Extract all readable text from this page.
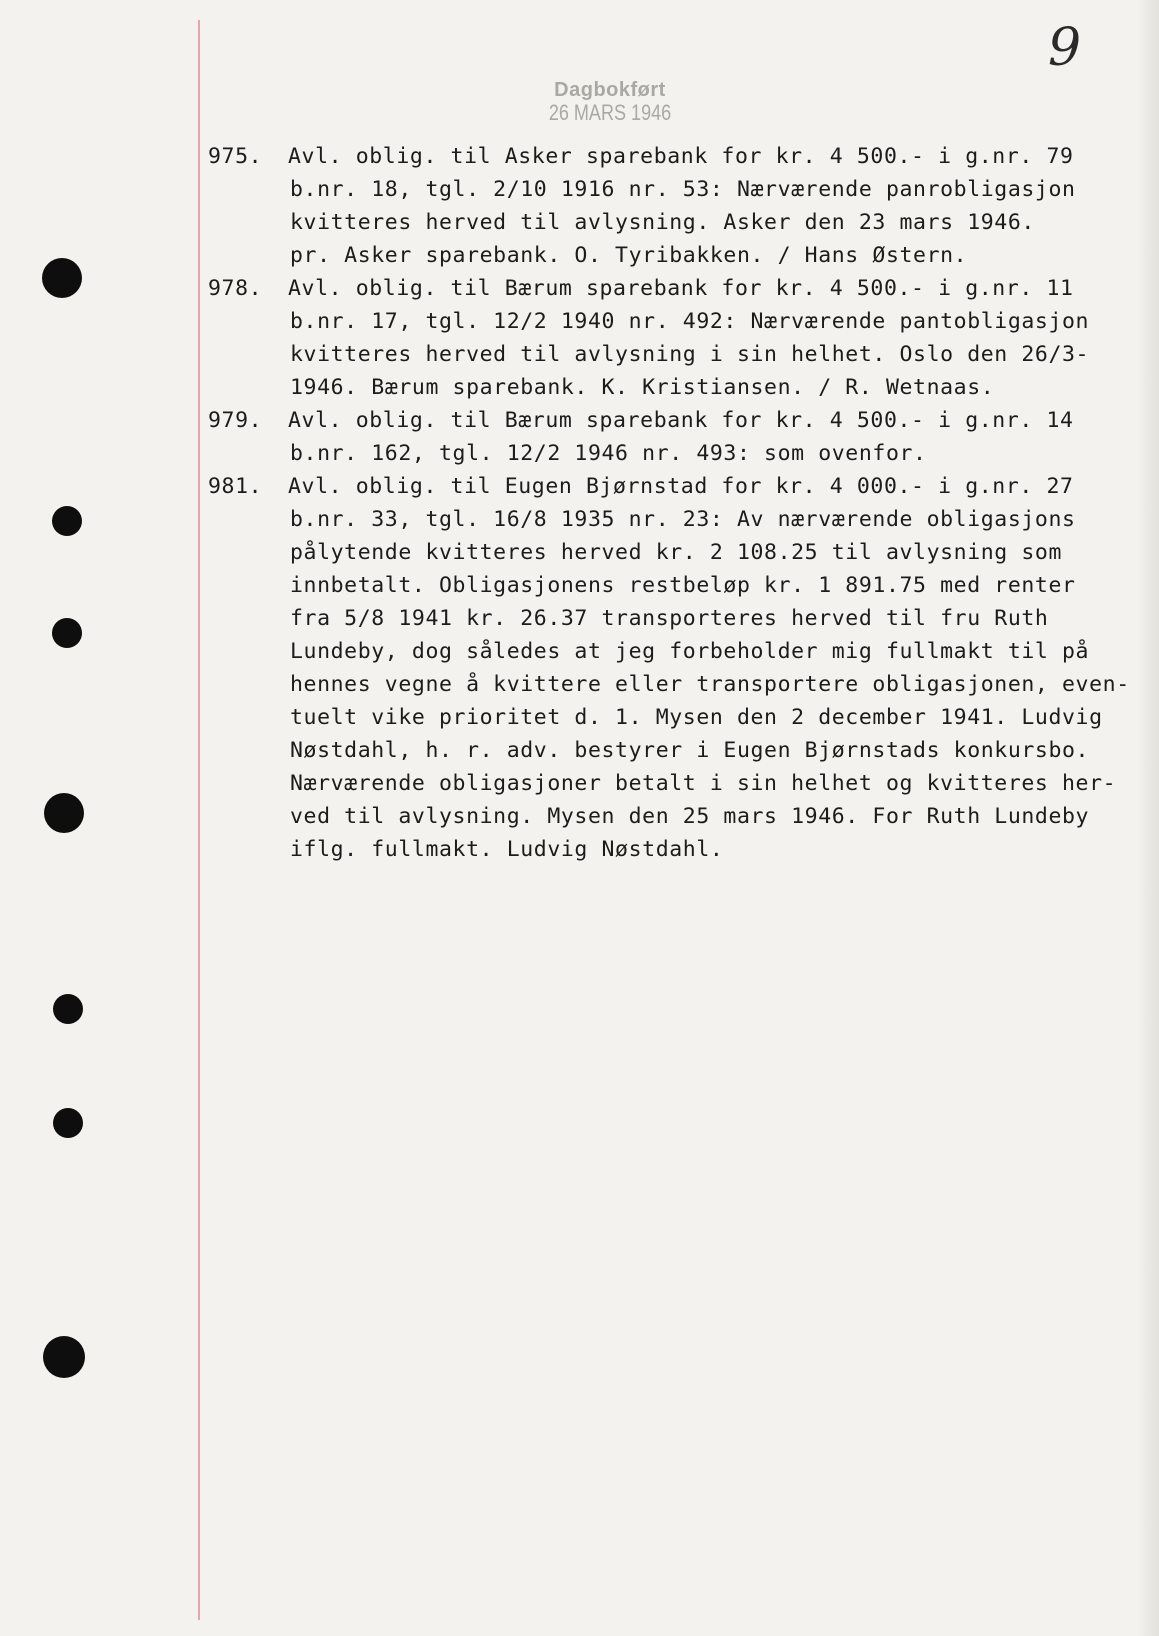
9
Dagbokført
26 MARS 1946

975.

Avl. oblig. til Asker sparebank for kr. 4 500.- i g.nr. 79

b.nr. 18, tgl. 2/10 1916 nr. 53: Nærværende panrobligasjon

kvitteres herved til avlysning. Asker den 23 mars 1946.

pr. Asker sparebank. O. Tyribakken. / Hans Østern.

978.

Avl. oblig. til Bærum sparebank for kr. 4 500.- i g.nr. 11

b.nr. 17, tgl. 12/2 1940 nr. 492: Nærværende pantobligasjon

kvitteres herved til avlysning i sin helhet. Oslo den 26/3-

1946. Bærum sparebank. K. Kristiansen. / R. Wetnaas.

979.

Avl. oblig. til Bærum sparebank for kr. 4 500.- i g.nr. 14

b.nr. 162, tgl. 12/2 1946 nr. 493: som ovenfor.

981.

Avl. oblig. til Eugen Bjørnstad for kr. 4 000.- i g.nr. 27

b.nr. 33, tgl. 16/8 1935 nr. 23: Av nærværende obligasjons

pålytende kvitteres herved kr. 2 108.25 til avlysning som

innbetalt. Obligasjonens restbeløp kr. 1 891.75 med renter

fra 5/8 1941 kr. 26.37 transporteres herved til fru Ruth

Lundeby, dog således at jeg forbeholder mig fullmakt til på

hennes vegne å kvittere eller transportere obligasjonen, even-

tuelt vike prioritet d. 1. Mysen den 2 december 1941. Ludvig

Nøstdahl, h. r. adv. bestyrer i Eugen Bjørnstads konkursbo.

Nærværende obligasjoner betalt i sin helhet og kvitteres her-

ved til avlysning. Mysen den 25 mars 1946. For Ruth Lundeby

iflg. fullmakt. Ludvig Nøstdahl.
